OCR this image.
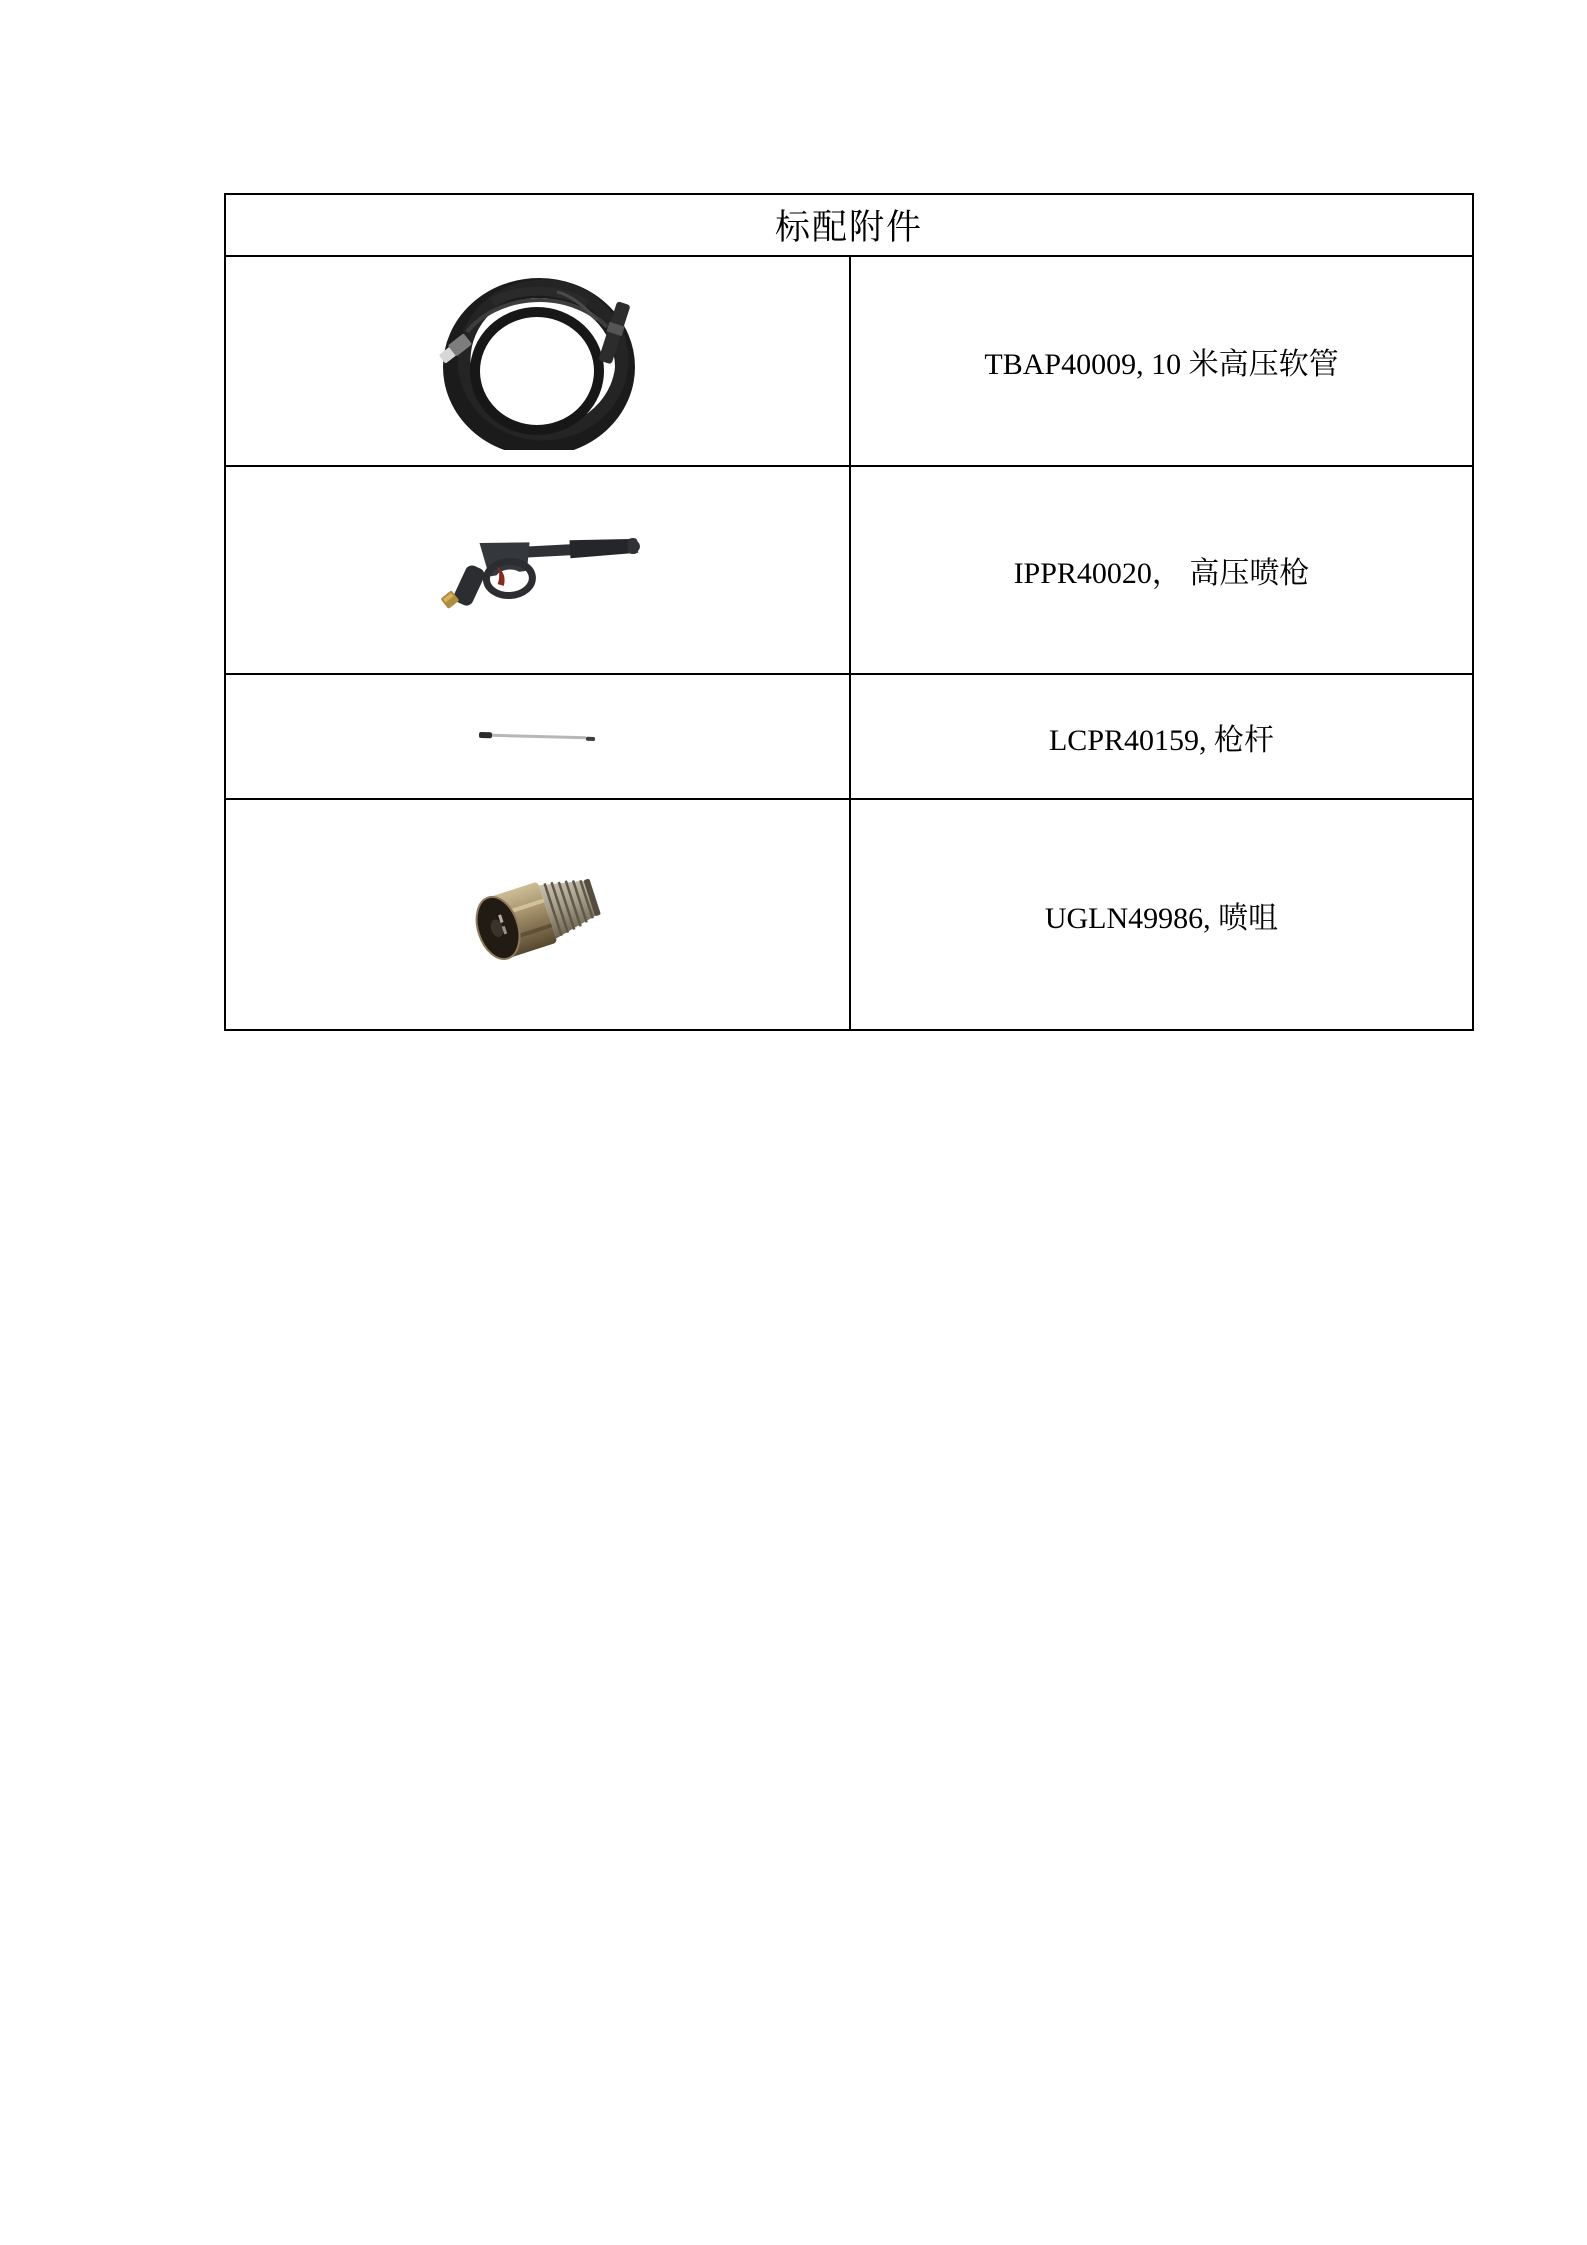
标配附件
TBAP40009, 10 米高压软管
IPPR40020， 高压喷枪
LCPR40159, 枪杆
UGLN49986, 喷咀
